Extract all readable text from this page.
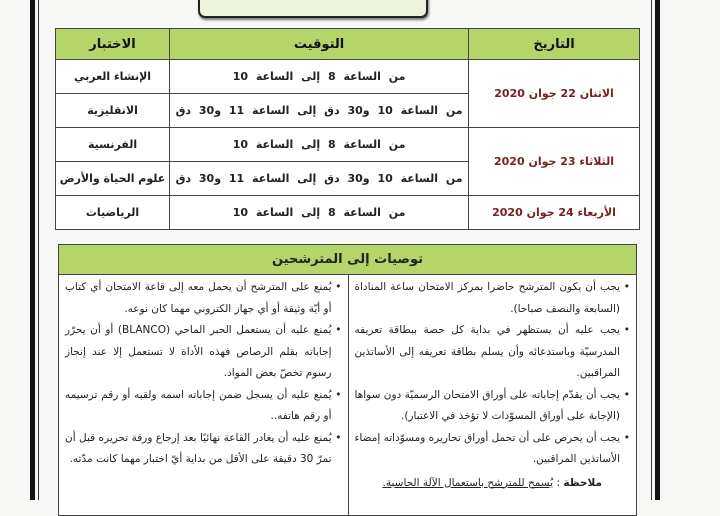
التاريخ	التوقيت	الاختبار
الاثنان 22 جوان 2020	من الساعة 8 إلى الساعة 10	الإنشاء العربي
	من الساعة 10 و30 دق إلى الساعة 11 و30 دق	الانقليزية
الثلاثاء 23 جوان 2020	من الساعة 8 إلى الساعة 10	الفرنسية
	من الساعة 10 و30 دق إلى الساعة 11 و30 دق	علوم الحياة والأرض
الأربعاء 24 جوان 2020	من الساعة 8 إلى الساعة 10	الرياضيات
توصيات إلى المترشحين
• يجب أن يكون المترشح حاضرا بمركز الامتحان ساعة المناداة (السابعة والنصف صباحا).
• يجب عليه أن يستظهر في بداية كل حصة ببطاقة تعريفه المدرسيّة وباستدعائه وأن يسلم بطاقة تعريفه إلى الأساتذين المراقبين.
• يجب أن يقدّم إجاباته على أوراق الامتحان الرسميّة دون سواها (الإجابة على أوراق المسوّدات لا تؤخذ في الاعتبار).
• يجب أن يحرص على أن تحمل أوراق تحاريره ومسوّداته إمضاء الأساتذين المراقبين.
ملاحظة : يُسمح للمترشح باستعمال الآلة الحاسبة.
• يُمنع على المترشح أن يحمل معه إلى قاعة الامتحان أي كتاب أو أيّة وثيقة أو أي جهاز الكتروني مهما كان نوعه.
• يُمنع عليه أن يستعمل الحبر الماحي (BLANCO) أو أن يحرّر إجاباته بقلم الرصاص فهذه الأداة لا تستعمل إلا عند إنجاز رسوم تخصّ بعض المواد.
• يُمنع عليه أن يسجل ضمن إجاباته اسمه ولقبه أو رقم ترسيمه أو رقم هاتفه..
• يُمنع عليه أن يغادر القاعة نهائيًا بعد إرجاع ورقة تحريره قبل أن تمرّ 30 دقيقة على الأقل من بداية أيّ اختبار مهما كانت مدّته.
